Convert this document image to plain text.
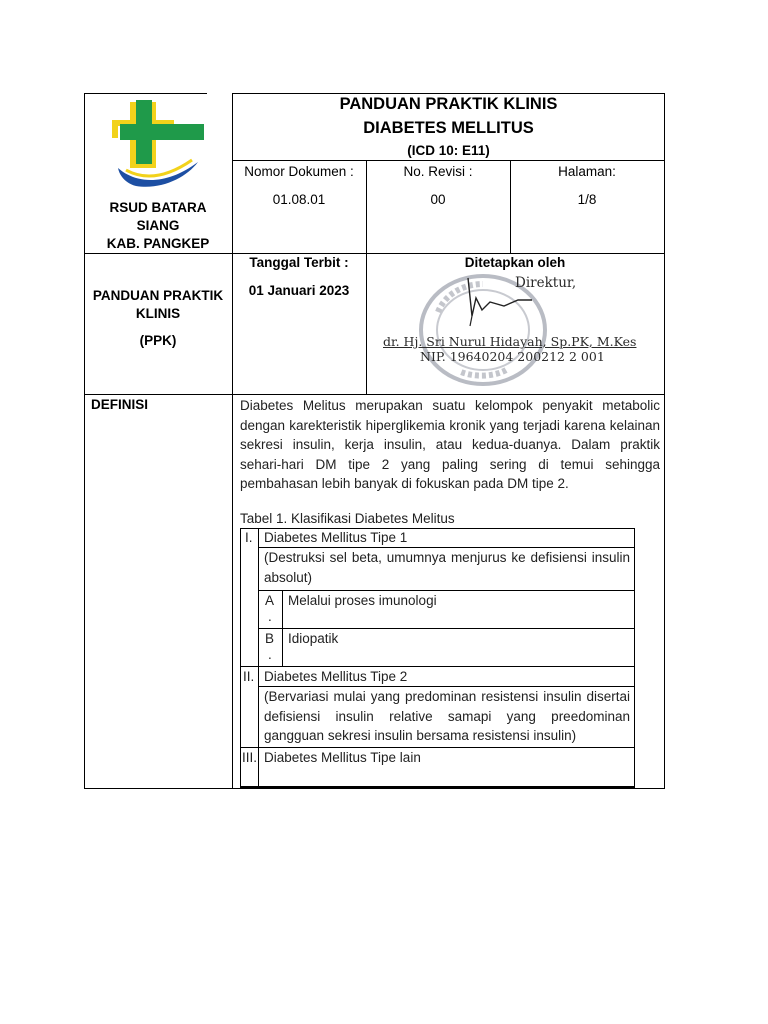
RSUD BATARA
SIANG
KAB. PANGKEP
PANDUAN PRAKTIK KLINIS
DIABETES MELLITUS
(ICD 10: E11)
Nomor Dokumen :
01.08.01
No. Revisi :
00
Halaman:
1/8
PANDUAN PRAKTIK
KLINIS
(PPK)
Tanggal Terbit :
01 Januari 2023
Ditetapkan oleh
Direktur,
dr. Hj. Sri Nurul Hidayah, Sp.PK, M.Kes
NIP. 19640204 200212 2 001
DEFINISI	Diabetes Melitus merupakan suatu kelompok penyakit metabolic dengan karekteristik hiperglikemia kronik yang terjadi karena kelainan sekresi insulin, kerja insulin, atau kedua-duanya. Dalam praktik sehari-hari DM tipe 2 yang paling sering di temui sehingga pembahasan lebih banyak di fokuskan pada DM tipe 2.
Tabel 1. Klasifikasi Diabetes Melitus
I. Diabetes Mellitus Tipe 1
(Destruksi sel beta, umumnya menjurus ke defisiensi insulin absolut)
A
.
Melalui proses imunologi
B
.
Idiopatik
II. Diabetes Mellitus Tipe 2
(Bervariasi mulai yang predominan resistensi insulin disertai defisiensi insulin relative samapi yang preedominan gangguan sekresi insulin bersama resistensi insulin)
III. Diabetes Mellitus Tipe lain
